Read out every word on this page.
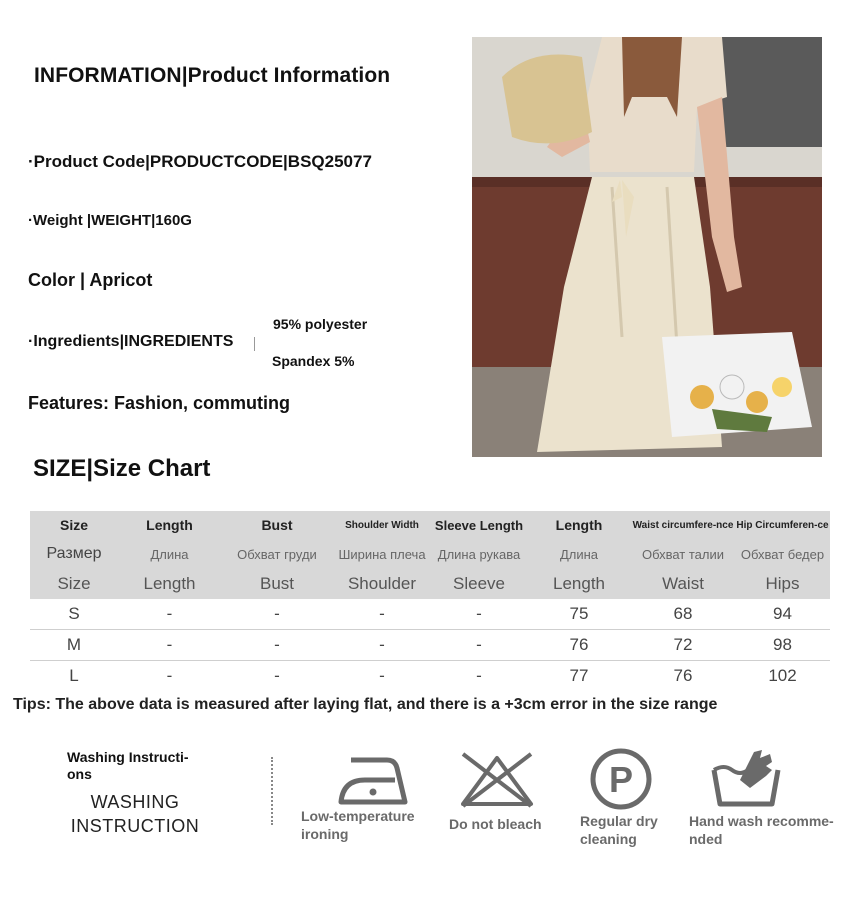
INFORMATION|Product Information
·Product Code|PRODUCTCODE|BSQ25077
·Weight |WEIGHT|160G
Color | Apricot
·Ingredients|INGREDIENTS
95% polyester
Spandex 5%
Features: Fashion, commuting
SIZE|Size Chart
Size	Length	Bust	Shoulder Width	Sleeve Length	Length	Waist circumfere-nce	Hip Circumferen-ce
Размер	Длина	Обхват груди	Ширина плеча	Длина рукава	Длина	Обхват талии	Обхват бедер
Size	Length	Bust	Shoulder	Sleeve	Length	Waist	Hips
S	-	-	-	-	75	68	94
M	-	-	-	-	76	72	98
L	-	-	-	-	77	76	102
Tips: The above data is measured after laying flat, and there is a +3cm error in the size range
Washing Instructi-ons
WASHING INSTRUCTION	Low-temperature ironing
Do not bleach
P
Regular dry cleaning
Hand wash recomme-nded
